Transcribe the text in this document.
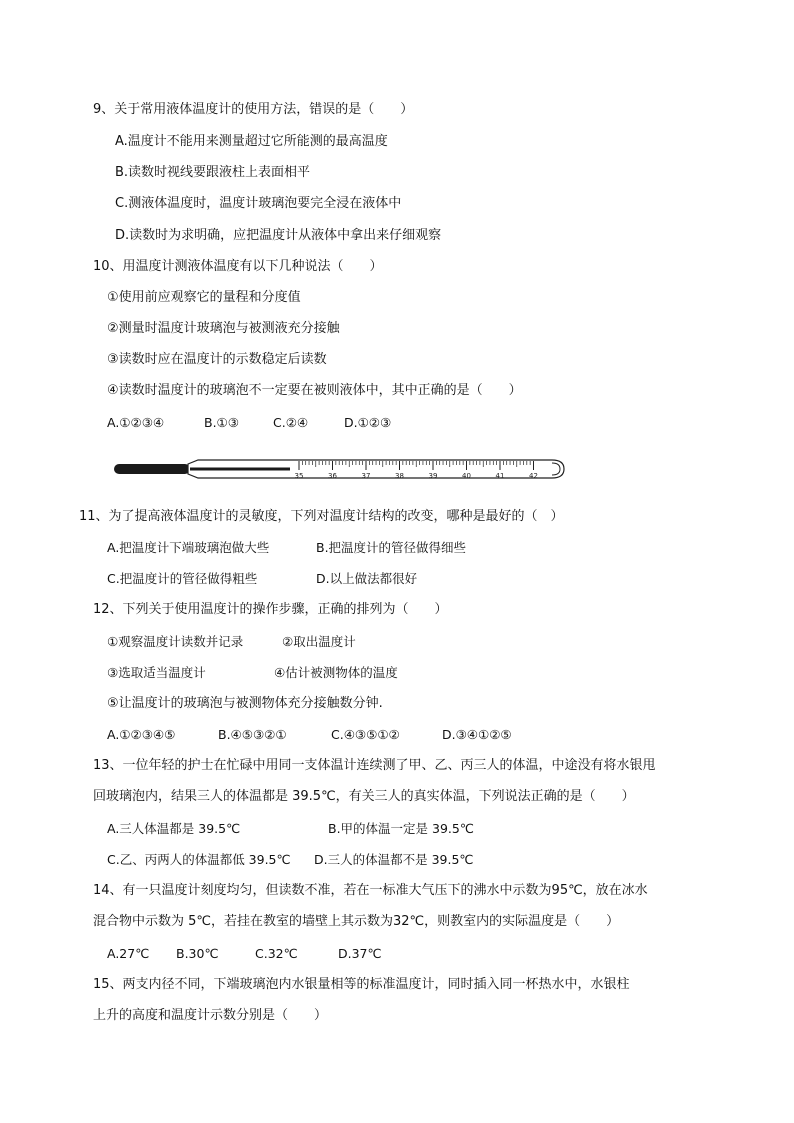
9、关于常用液体温度计的使用方法，错误的是（　　）
A.温度计不能用来测量超过它所能测的最高温度
B.读数时视线要跟液柱上表面相平
C.测液体温度时，温度计玻璃泡要完全浸在液体中
D.读数时为求明确，应把温度计从液体中拿出来仔细观察
10、用温度计测液体温度有以下几种说法（　　）
①使用前应观察它的量程和分度值
②测量时温度计玻璃泡与被测液充分接触
③读数时应在温度计的示数稳定后读数
④读数时温度计的玻璃泡不一定要在被则液体中，其中正确的是（　　）
A.①②③④	B.①③	C.②④	D.①②③
35	36	37	38	39	40	41	42
11、为了提高液体温度计的灵敏度，下列对温度计结构的改变，哪种是最好的（　）
A.把温度计下端玻璃泡做大些	B.把温度计的管径做得细些
C.把温度计的管径做得粗些	D.以上做法都很好
12、下列关于使用温度计的操作步骤，正确的排列为（　　）
①观察温度计读数并记录	②取出温度计
③选取适当温度计	④估计被测物体的温度
⑤让温度计的玻璃泡与被测物体充分接触数分钟.
A.①②③④⑤	B.④⑤③②①	C.④③⑤①②	D.③④①②⑤
13、一位年轻的护士在忙碌中用同一支体温计连续测了甲、乙、丙三人的体温，中途没有将水银甩
回玻璃泡内，结果三人的体温都是 39.5℃，有关三人的真实体温，下列说法正确的是（　　）
A.三人体温都是 39.5℃	B.甲的体温一定是 39.5℃
C.乙、丙两人的体温都低 39.5℃ D.三人的体温都不是 39.5℃
14、有一只温度计刻度均匀，但读数不准，若在一标准大气压下的沸水中示数为95℃，放在冰水
混合物中示数为 5℃，若挂在教室的墙壁上其示数为32℃，则教室内的实际温度是（　　）
A.27℃ B.30℃	C.32℃	D.37℃
15、两支内径不同，下端玻璃泡内水银量相等的标准温度计，同时插入同一杯热水中，水银柱
上升的高度和温度计示数分别是（　　）
